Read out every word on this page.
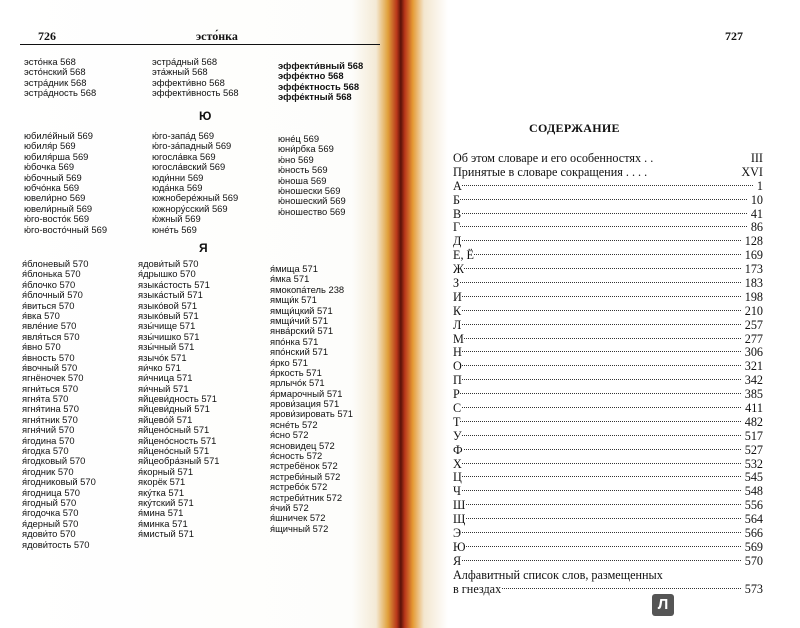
726	эсто́нка
эсто́нка 568
эсто́нский 568
эстра́дник 568
эстра́дность 568
эстра́дный 568
эта́жный 568
эффекти́вно 568
эффекти́вность 568
эффекти́вный 568
эффе́ктно 568
эффе́ктность 568
эффе́ктный 568
Ю
юбиле́йный 569
юбиля́р 569
юбиля́рша 569
ю́бочка 569
ю́бочный 569
юбчо́нка 569
ювели́рно 569
ювели́рный 569
ю́го-восто́к 569
ю́го-восто́чный 569
ю́го-запа́д 569
ю́го-за́падный 569
югосла́вка 569
югосла́вский 569
юди́нни 569
юда́нка 569
южнобере́жный 569
южнору́сский 569
ю́жный 569
юне́ть 569
юне́ц 569
юни́рбка 569
ю́но 569
ю́ность 569
ю́ноша 569
ю́ношески 569
ю́ношеский 569
ю́ношество 569
Я
я́блоневый 570
я́блонька 570
я́блочко 570
я́блочный 570
я́виться 570
я́вка 570
явле́ние 570
явля́ться 570
я́вно 570
я́вность 570
я́вочный 570
ягнёночек 570
ягни́ться 570
ягня́та 570
ягня́тина 570
ягня́тник 570
ягня́чий 570
я́година 570
я́годка 570
я́годковый 570
я́годник 570
я́годниковый 570
я́годница 570
я́годный 570
я́годочка 570
я́дерный 570
ядови́то 570
ядови́тость 570
ядови́тый 570
я́дрышко 570
языка́стость 571
языка́стый 571
языко́вой 571
языко́вый 571
язы́чище 571
язы́чишко 571
язы́чный 571
язычо́к 571
яи́чко 571
яи́чница 571
яи́чный 571
яйцеви́дность 571
яйцеви́дный 571
яйцево́й 571
яйцено́сный 571
яйцено́сность 571
яйцено́сный 571
яйцеобра́зный 571
я́корный 571
якорёк 571
яку́тка 571
яку́тский 571
я́мина 571
я́минка 571
я́мистый 571
я́мища 571
я́мка 571
ямокопа́тель 238
ямщи́к 571
ямщи́цкий 571
ямщи́чий 571
янва́рский 571
япо́нка 571
япо́нский 571
я́рко 571
я́ркость 571
ярлычо́к 571
я́рмарочный 571
ярови́зация 571
ярови́зировать 571
ясне́ть 572
я́сно 572
ясновидец 572
я́сность 572
ястребёнок 572
ястреби́ный 572
ястребо́к 572
ястреби́тник 572
я́чий 572
я́шничек 572
я́щичный 572
727
СОДЕРЖАНИЕ
Об этом словаре и его особенностях . .	III
Принятые в словаре сокращения . . . .	XVI
А	1
Б	10
В	41
Г	86
Д	128
Е, Ё	169
Ж	173
З	183
И	198
К	210
Л	257
М	277
Н	306
О	321
П	342
Р	385
С	411
Т	482
У	517
Ф	527
Х	532
Ц	545
Ч	548
Ш	556
Щ	564
Э	566
Ю	569
Я	570
Алфавитный список слов, размещенных
в гнездах	573
Л
